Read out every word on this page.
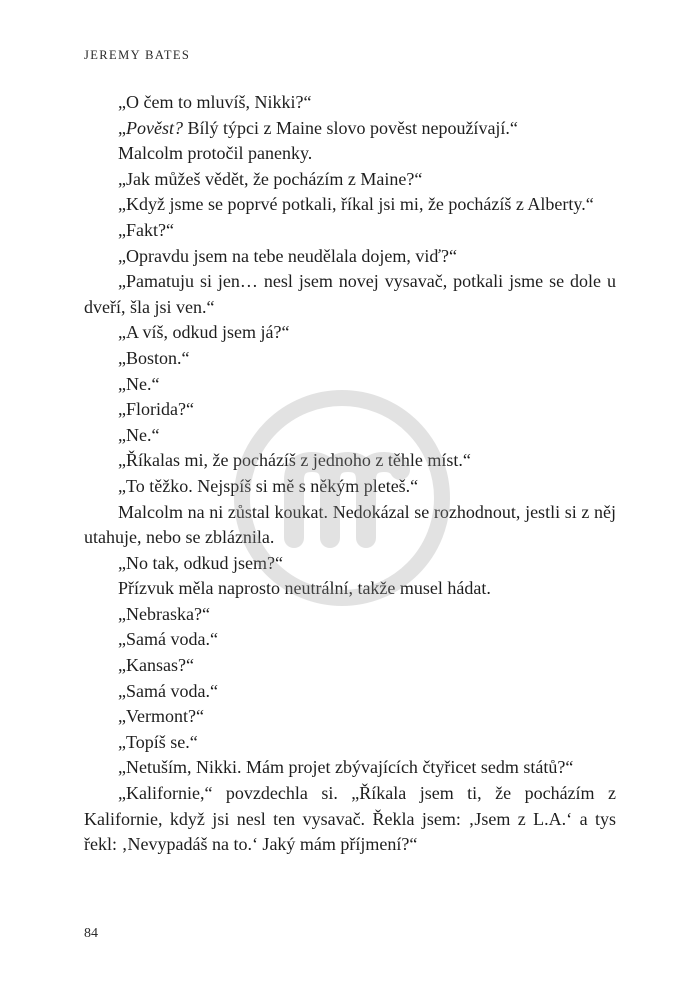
JEREMY BATES

„O čem to mluvíš, Nikki?“

„Pověst? Bílý týpci z Maine slovo pověst nepoužívají.“

Malcolm protočil panenky.

„Jak můžeš vědět, že pocházím z Maine?“

„Když jsme se poprvé potkali, říkal jsi mi, že pocházíš z Alberty.“

„Fakt?“

„Opravdu jsem na tebe neudělala dojem, viď?“

„Pamatuju si jen… nesl jsem novej vysavač, potkali jsme se dole u dveří, šla jsi ven.“

„A víš, odkud jsem já?“

„Boston.“

„Ne.“

„Florida?“

„Ne.“

„Říkalas mi, že pocházíš z jednoho z těhle míst.“

„To těžko. Nejspíš si mě s někým pleteš.“

Malcolm na ni zůstal koukat. Nedokázal se rozhodnout, jestli si z něj utahuje, nebo se zbláznila.

„No tak, odkud jsem?“

Přízvuk měla naprosto neutrální, takže musel hádat.

„Nebraska?“

„Samá voda.“

„Kansas?“

„Samá voda.“

„Vermont?“

„Topíš se.“

„Netuším, Nikki. Mám projet zbývajících čtyřicet sedm států?“

„Kalifornie,“ povzdechla si. „Říkala jsem ti, že pocházím z Kalifornie, když jsi nesl ten vysavač. Řekla jsem: ‚Jsem z L.A.‘ a tys řekl: ‚Nevypadáš na to.‘ Jaký mám příjmení?“

84
